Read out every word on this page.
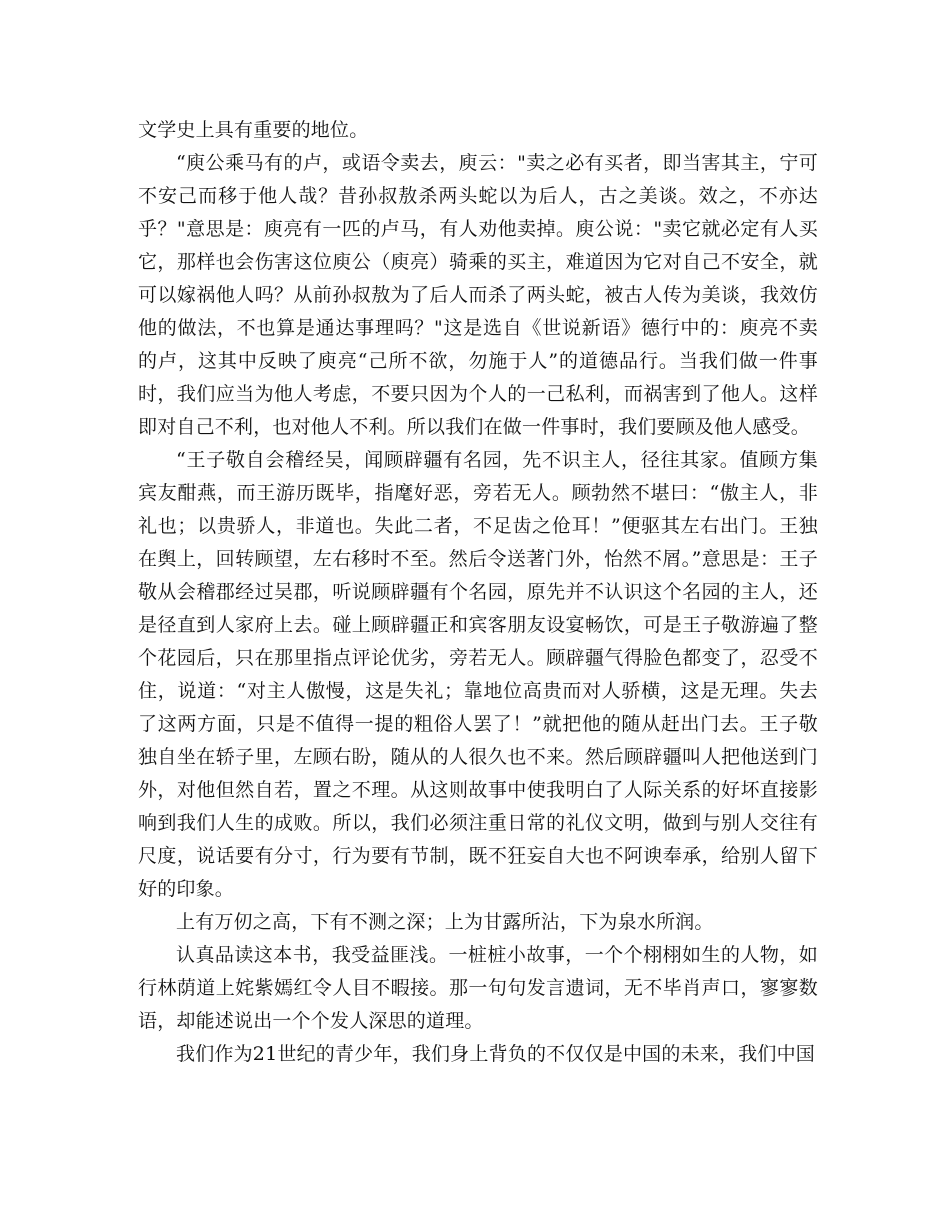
文学史上具有重要的地位。

“庾公乘马有的卢，或语令卖去，庾云："卖之必有买者，即当害其主，宁可不安己而移于他人哉？昔孙叔敖杀两头蛇以为后人，古之美谈。效之，不亦达乎？"意思是：庾亮有一匹的卢马，有人劝他卖掉。庾公说："卖它就必定有人买它，那样也会伤害这位庾公（庾亮）骑乘的买主，难道因为它对自己不安全，就可以嫁祸他人吗？从前孙叔敖为了后人而杀了两头蛇，被古人传为美谈，我效仿他的做法，不也算是通达事理吗？"这是选自《世说新语》德行中的：庾亮不卖的卢，这其中反映了庾亮“己所不欲，勿施于人”的道德品行。当我们做一件事时，我们应当为他人考虑，不要只因为个人的一己私利，而祸害到了他人。这样即对自己不利，也对他人不利。所以我们在做一件事时，我们要顾及他人感受。

“王子敬自会稽经吴，闻顾辟疆有名园，先不识主人，径往其家。值顾方集宾友酣燕，而王游历既毕，指麾好恶，旁若无人。顾勃然不堪曰：“傲主人，非礼也；以贵骄人，非道也。失此二者，不足齿之伧耳！”便驱其左右出门。王独在舆上，回转顾望，左右移时不至。然后令送著门外，怡然不屑。”意思是：王子敬从会稽郡经过吴郡，听说顾辟疆有个名园，原先并不认识这个名园的主人，还是径直到人家府上去。碰上顾辟疆正和宾客朋友设宴畅饮，可是王子敬游遍了整个花园后，只在那里指点评论优劣，旁若无人。顾辟疆气得脸色都变了，忍受不住，说道：“对主人傲慢，这是失礼；靠地位高贵而对人骄横，这是无理。失去了这两方面，只是不值得一提的粗俗人罢了！”就把他的随从赶出门去。王子敬独自坐在轿子里，左顾右盼，随从的人很久也不来。然后顾辟疆叫人把他送到门外，对他但然自若，置之不理。从这则故事中使我明白了人际关系的好坏直接影响到我们人生的成败。所以，我们必须注重日常的礼仪文明，做到与别人交往有尺度，说话要有分寸，行为要有节制，既不狂妄自大也不阿谀奉承，给别人留下好的印象。

上有万仞之高，下有不测之深；上为甘露所沾，下为泉水所润。

认真品读这本书，我受益匪浅。一桩桩小故事，一个个栩栩如生的人物，如行林荫道上姹紫嫣红令人目不暇接。那一句句发言遗词，无不毕肖声口，寥寥数语，却能述说出一个个发人深思的道理。

我们作为21世纪的青少年，我们身上背负的不仅仅是中国的未来，我们中国
